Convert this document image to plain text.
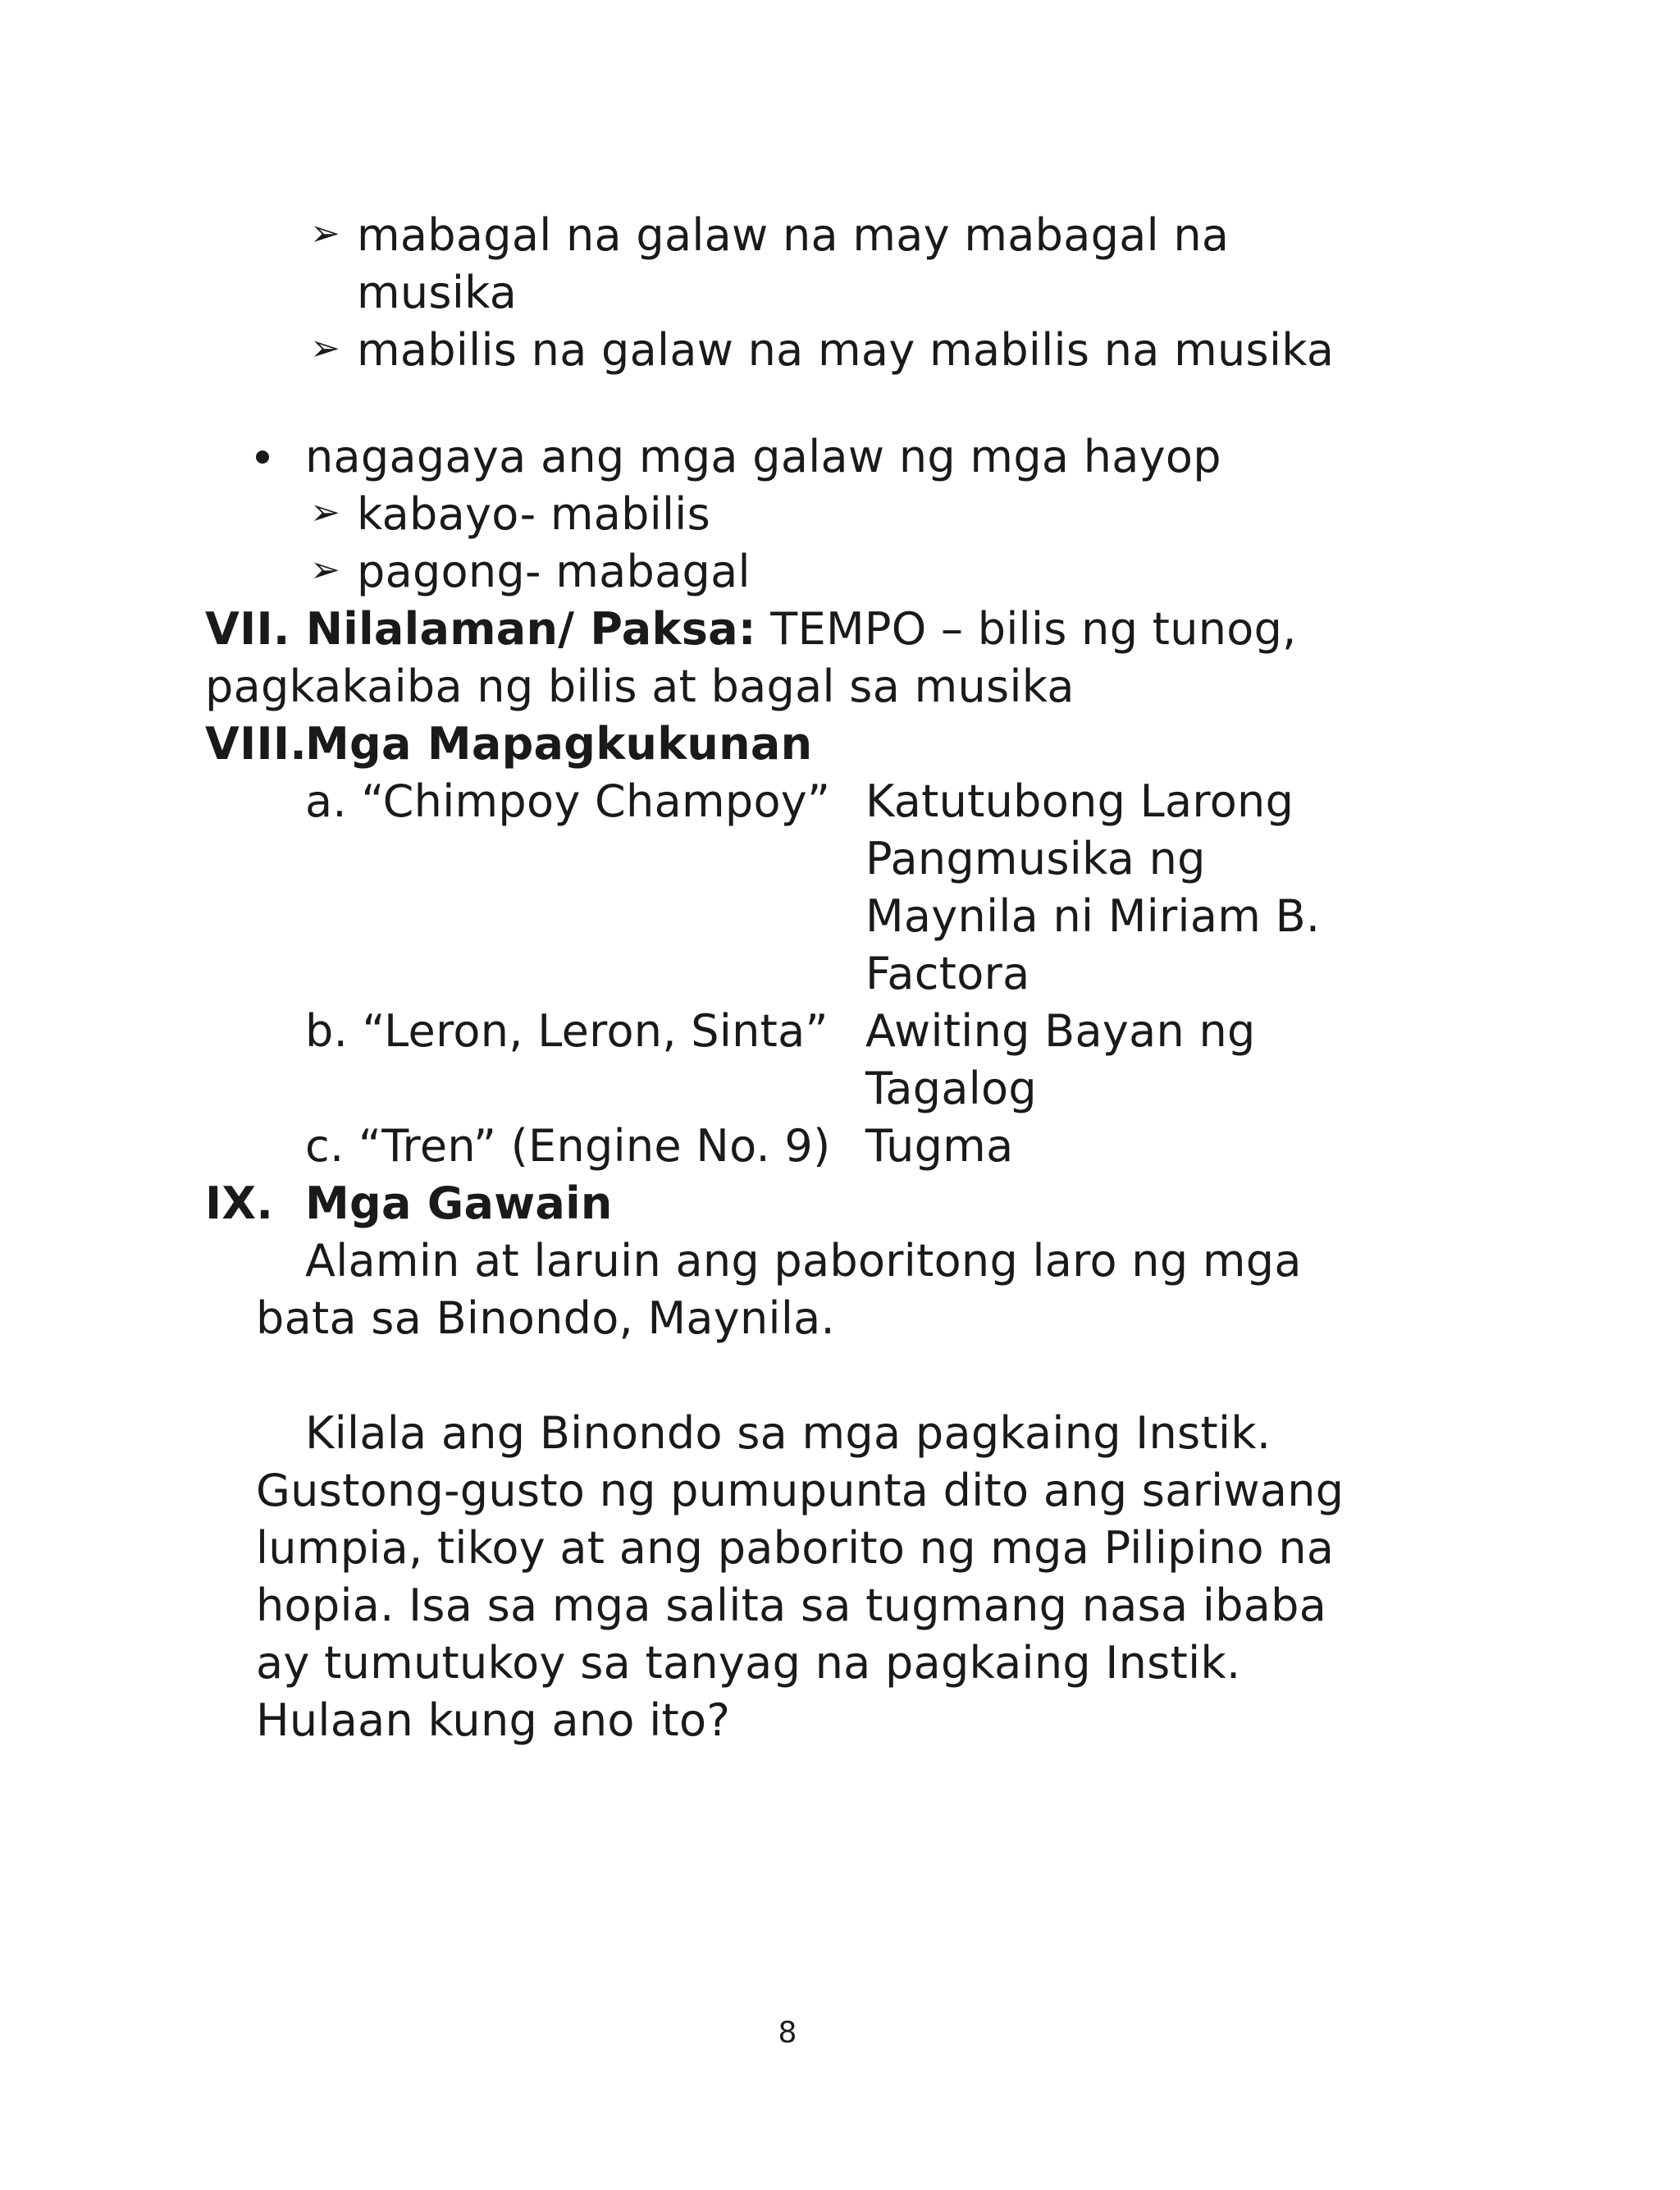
➢ mabagal na galaw na may mabagal na
musika
➢ mabilis na galaw na may mabilis na musika
nagagaya ang mga galaw ng mga hayop
➢ kabayo- mabilis
➢ pagong- mabagal
VII. Nilalaman/ Paksa: TEMPO – bilis ng tunog,
pagkakaiba ng bilis at bagal sa musika
VIII.
Mga Mapagkukunan
a. “Chimpoy Champoy” Katutubong Larong
Pangmusika ng
Maynila ni Miriam B.
Factora
b. “Leron, Leron, Sinta” Awiting Bayan ng
Tagalog
c. “Tren” (Engine No. 9) Tugma
IX. Mga Gawain
Alamin at laruin ang paboritong laro ng mga
bata sa Binondo, Maynila.
Kilala ang Binondo sa mga pagkaing Instik.
Gustong-gusto ng pumupunta dito ang sariwang
lumpia, tikoy at ang paborito ng mga Pilipino na
hopia. Isa sa mga salita sa tugmang nasa ibaba
ay tumutukoy sa tanyag na pagkaing Instik.
Hulaan kung ano ito?
8
